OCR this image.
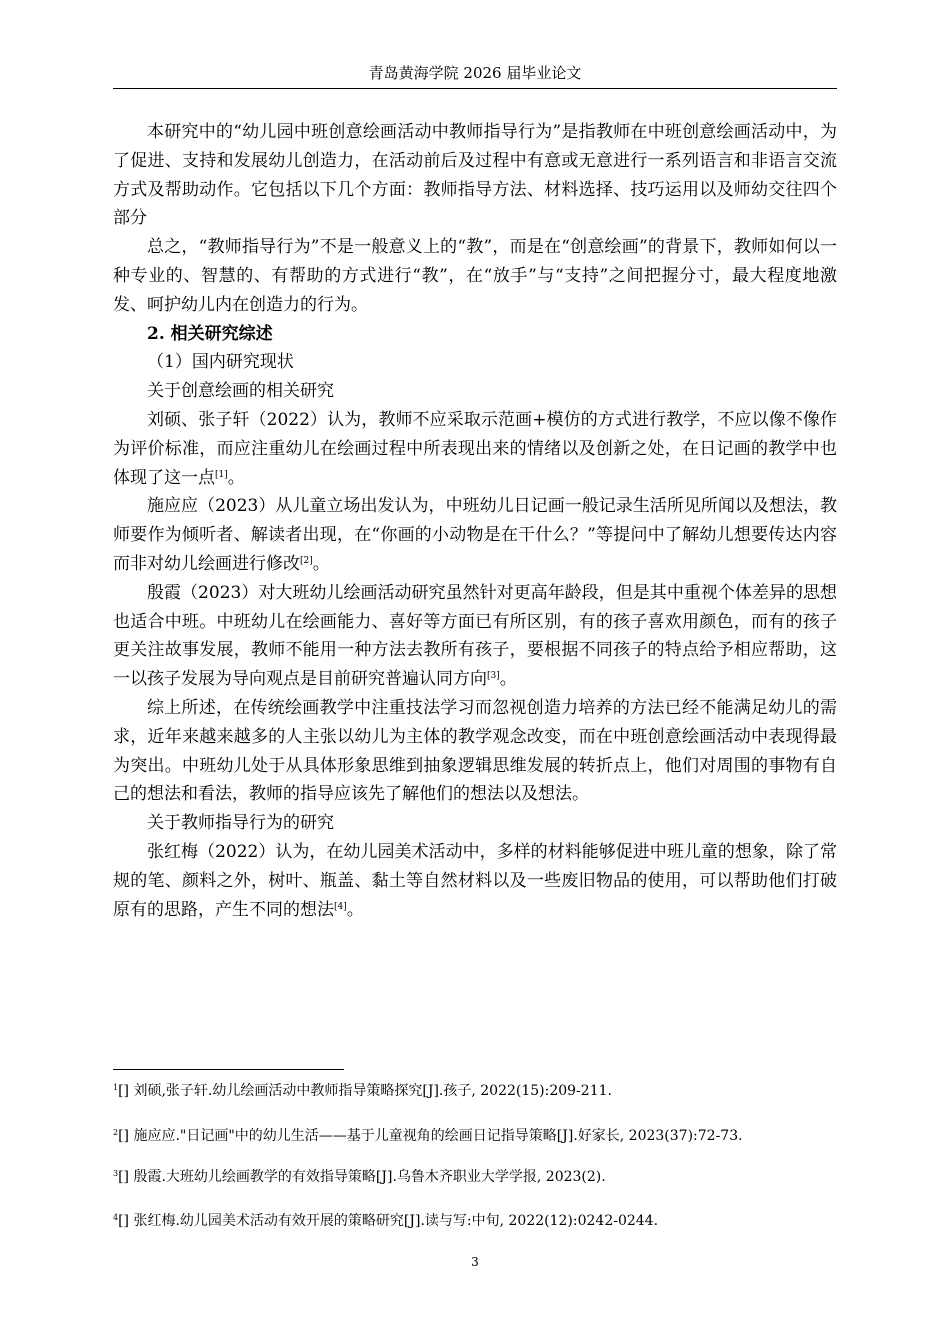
青岛黄海学院 2026 届毕业论文

本研究中的“幼儿园中班创意绘画活动中教师指导行为”是指教师在中班创意绘画活动中，为了促进、支持和发展幼儿创造力，在活动前后及过程中有意或无意进行一系列语言和非语言交流方式及帮助动作。它包括以下几个方面：教师指导方法、材料选择、技巧运用以及师幼交往四个部分

总之，“教师指导行为”不是一般意义上的“教”，而是在“创意绘画”的背景下，教师如何以一种专业的、智慧的、有帮助的方式进行“教”，在“放手”与“支持”之间把握分寸，最大程度地激发、呵护幼儿内在创造力的行为。

2. 相关研究综述

（1）国内研究现状

关于创意绘画的相关研究

刘硕、张子轩（2022）认为，教师不应采取示范画+模仿的方式进行教学，不应以像不像作为评价标准，而应注重幼儿在绘画过程中所表现出来的情绪以及创新之处，在日记画的教学中也体现了这一点[1]。

施应应（2023）从儿童立场出发认为，中班幼儿日记画一般记录生活所见所闻以及想法，教师要作为倾听者、解读者出现，在“你画的小动物是在干什么？”等提问中了解幼儿想要传达内容而非对幼儿绘画进行修改[2]。

殷霞（2023）对大班幼儿绘画活动研究虽然针对更高年龄段，但是其中重视个体差异的思想也适合中班。中班幼儿在绘画能力、喜好等方面已有所区别，有的孩子喜欢用颜色，而有的孩子更关注故事发展，教师不能用一种方法去教所有孩子，要根据不同孩子的特点给予相应帮助，这一以孩子发展为导向观点是目前研究普遍认同方向[3]。

综上所述，在传统绘画教学中注重技法学习而忽视创造力培养的方法已经不能满足幼儿的需求，近年来越来越多的人主张以幼儿为主体的教学观念改变，而在中班创意绘画活动中表现得最为突出。中班幼儿处于从具体形象思维到抽象逻辑思维发展的转折点上，他们对周围的事物有自己的想法和看法，教师的指导应该先了解他们的想法以及想法。

关于教师指导行为的研究

张红梅（2022）认为，在幼儿园美术活动中，多样的材料能够促进中班儿童的想象，除了常规的笔、颜料之外，树叶、瓶盖、黏土等自然材料以及一些废旧物品的使用，可以帮助他们打破原有的思路，产生不同的想法[4]。

$^1$[] 刘硕,张子轩.幼儿绘画活动中教师指导策略探究[J].孩子, 2022(15):209-211.
$^2$[] 施应应."日记画"中的幼儿生活——基于儿童视角的绘画日记指导策略[J].好家长, 2023(37):72-73.
$^3$[] 殷霞.大班幼儿绘画教学的有效指导策略[J].乌鲁木齐职业大学学报, 2023(2).
$^4$[] 张红梅.幼儿园美术活动有效开展的策略研究[J].读与写:中旬, 2022(12):0242-0244.
3
